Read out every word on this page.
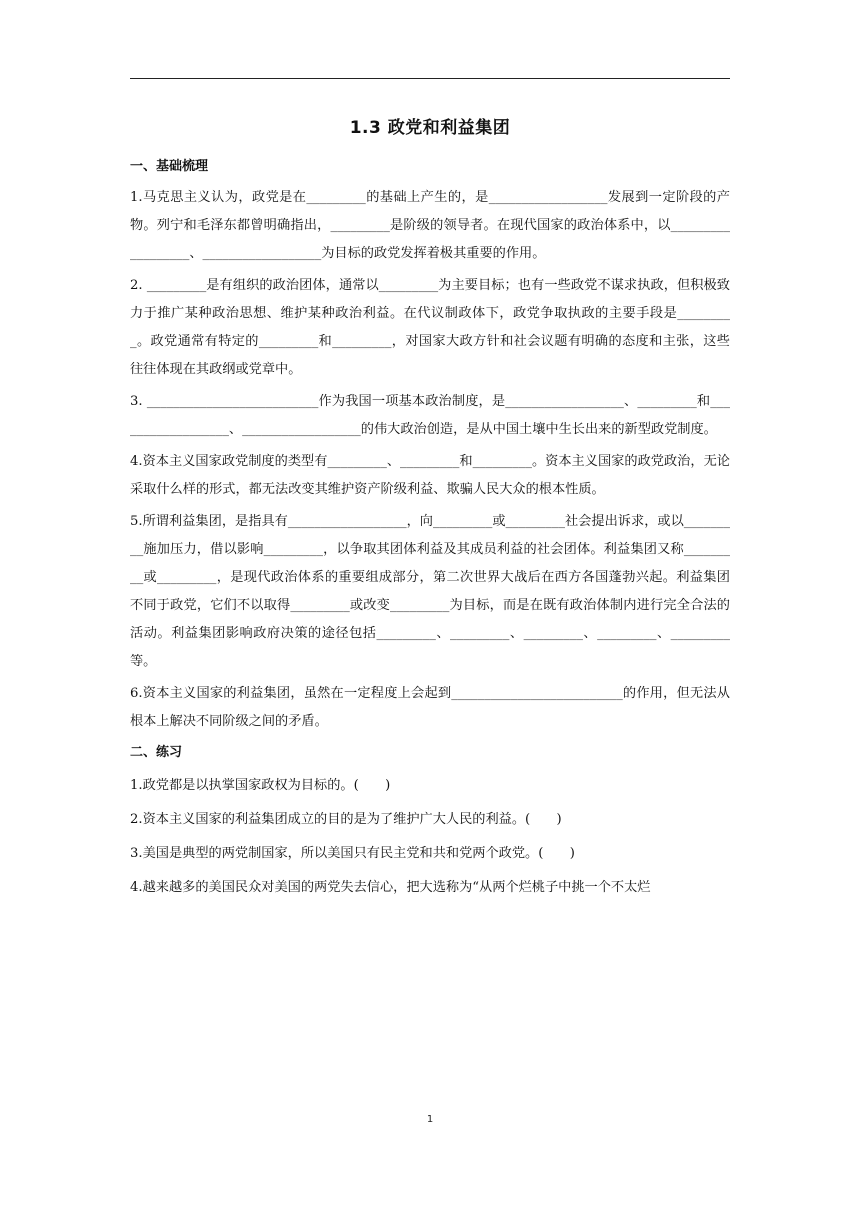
1.3 政党和利益集团
一、基础梳理

1.马克思主义认为，政党是在_________的基础上产生的，是__________________发展到一定阶段的产物。列宁和毛泽东都曾明确指出，_________是阶级的领导者。在现代国家的政治体系中，以__________________、__________________为目标的政党发挥着极其重要的作用。

2. _________是有组织的政治团体，通常以_________为主要目标；也有一些政党不谋求执政，但积极致力于推广某种政治思想、维护某种政治利益。在代议制政体下，政党争取执政的主要手段是_________。政党通常有特定的_________和_________，对国家大政方针和社会议题有明确的态度和主张，这些往往体现在其政纲或党章中。

3. __________________________作为我国一项基本政治制度，是__________________、_________和__________________、__________________的伟大政治创造，是从中国土壤中生长出来的新型政党制度。

4.资本主义国家政党制度的类型有_________、_________和_________。资本主义国家的政党政治，无论采取什么样的形式，都无法改变其维护资产阶级利益、欺骗人民大众的根本性质。

5.所谓利益集团，是指具有__________________，向_________或_________社会提出诉求，或以_________施加压力，借以影响_________，以争取其团体利益及其成员利益的社会团体。利益集团又称_________或_________，是现代政治体系的重要组成部分，第二次世界大战后在西方各国蓬勃兴起。利益集团不同于政党，它们不以取得_________或改变_________为目标，而是在既有政治体制内进行完全合法的活动。利益集团影响政府决策的途径包括_________、_________、_________、_________、_________等。

6.资本主义国家的利益集团，虽然在一定程度上会起到__________________________的作用，但无法从根本上解决不同阶级之间的矛盾。

二、练习

1.政党都是以执掌国家政权为目标的。(　　)

2.资本主义国家的利益集团成立的目的是为了维护广大人民的利益。(　　)

3.美国是典型的两党制国家，所以美国只有民主党和共和党两个政党。(　　)

4.越来越多的美国民众对美国的两党失去信心，把大选称为“从两个烂桃子中挑一个不太烂

1
